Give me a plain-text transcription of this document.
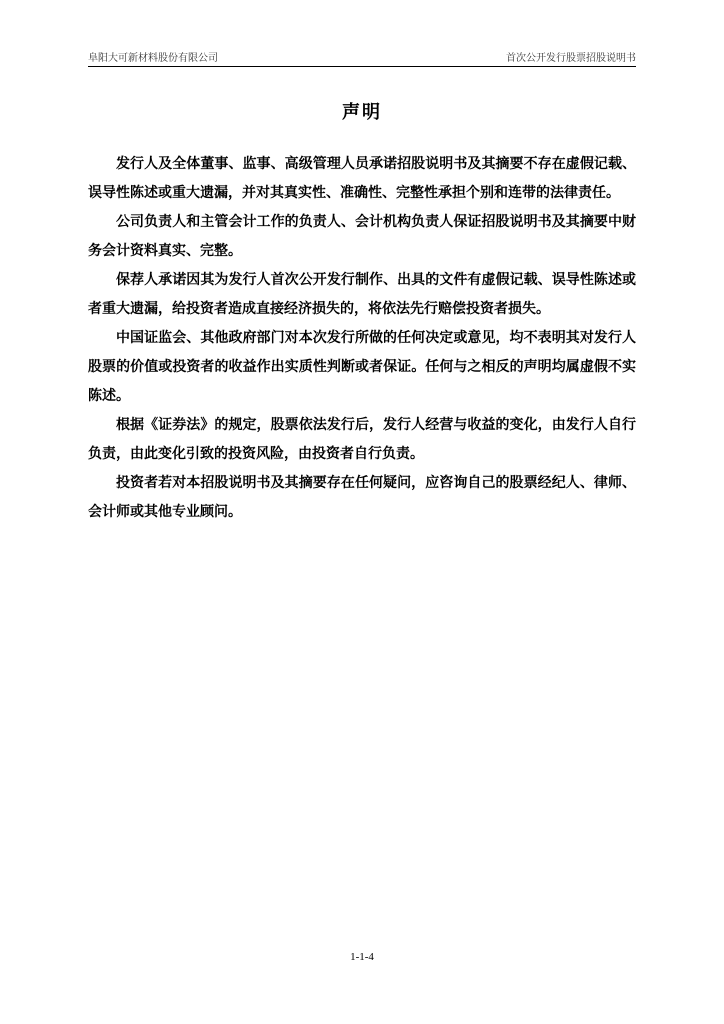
阜阳大可新材料股份有限公司	首次公开发行股票招股说明书
声明

发行人及全体董事、监事、高级管理人员承诺招股说明书及其摘要不存在虚假记载、误导性陈述或重大遗漏，并对其真实性、准确性、完整性承担个别和连带的法律责任。

公司负责人和主管会计工作的负责人、会计机构负责人保证招股说明书及其摘要中财务会计资料真实、完整。

保荐人承诺因其为发行人首次公开发行制作、出具的文件有虚假记载、误导性陈述或者重大遗漏，给投资者造成直接经济损失的，将依法先行赔偿投资者损失。

中国证监会、其他政府部门对本次发行所做的任何决定或意见，均不表明其对发行人股票的价值或投资者的收益作出实质性判断或者保证。任何与之相反的声明均属虚假不实陈述。

根据《证券法》的规定，股票依法发行后，发行人经营与收益的变化，由发行人自行负责，由此变化引致的投资风险，由投资者自行负责。

投资者若对本招股说明书及其摘要存在任何疑问，应咨询自己的股票经纪人、律师、会计师或其他专业顾问。

1-1-4
